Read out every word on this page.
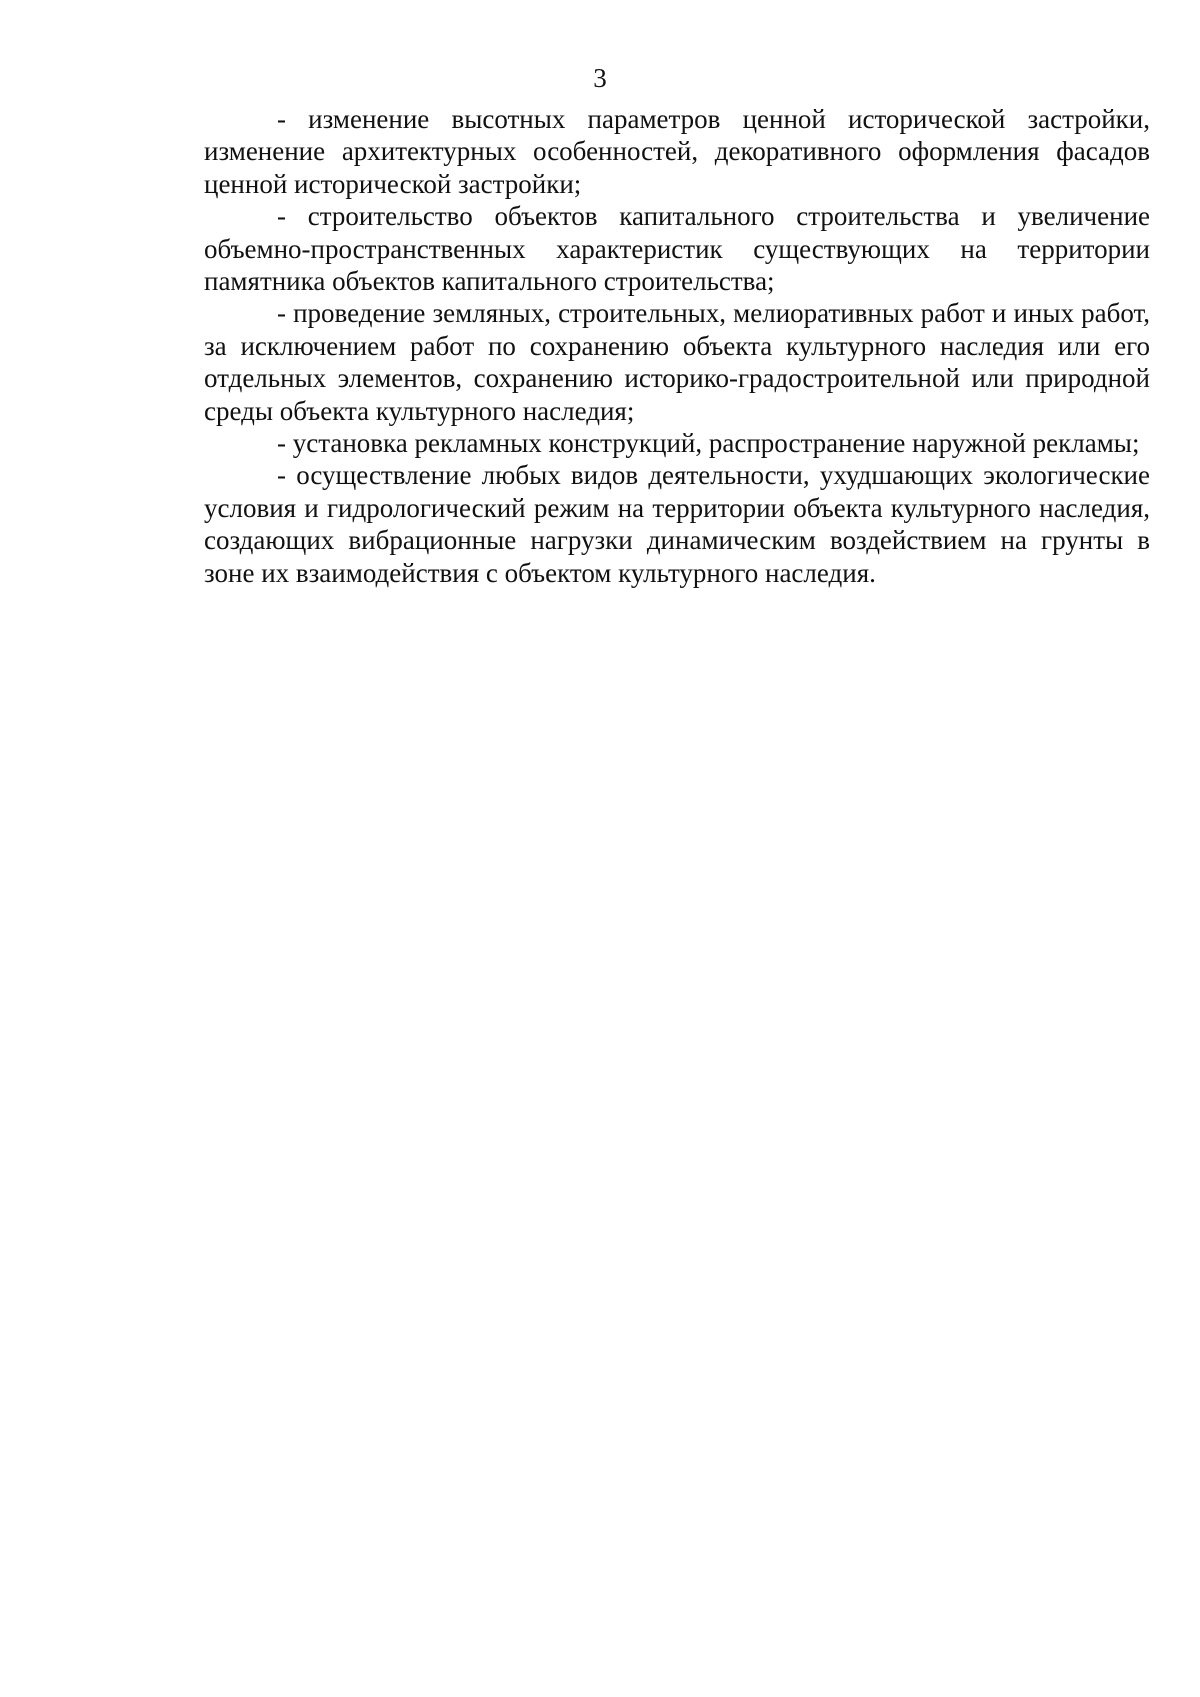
3

- изменение высотных параметров ценной исторической застройки, изменение архитектурных особенностей, декоративного оформления фасадов ценной исторической застройки;

- строительство объектов капитального строительства и увеличение объемно-пространственных характеристик существующих на территории памятника объектов капитального строительства;

- проведение земляных, строительных, мелиоративных работ и иных работ, за исключением работ по сохранению объекта культурного наследия или его отдельных элементов, сохранению историко-градостроительной или природной среды объекта культурного наследия;

- установка рекламных конструкций, распространение наружной рекламы;

- осуществление любых видов деятельности, ухудшающих экологические условия и гидрологический режим на территории объекта культурного наследия, создающих вибрационные нагрузки динамическим воздействием на грунты в зоне их взаимодействия с объектом культурного наследия.
